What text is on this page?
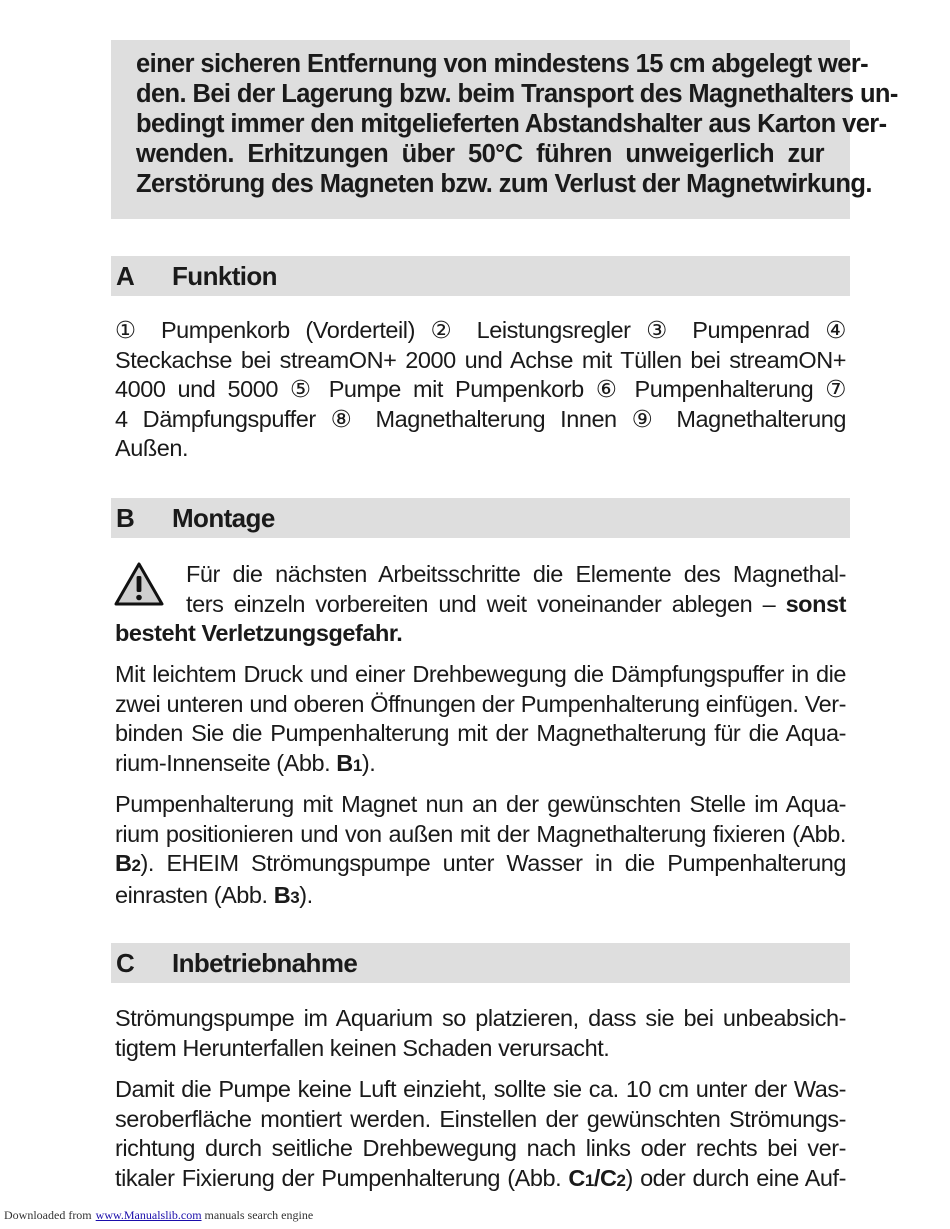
einer sicheren Entfernung von mindestens 15 cm abgelegt wer-
den. Bei der Lagerung bzw. beim Transport des Magnethalters un-
bedingt immer den mitgelieferten Abstandshalter aus Karton ver-
wenden. Erhitzungen über 50°C führen unweigerlich zur
Zerstörung des Magneten bzw. zum Verlust der Magnetwirkung.
A Funktion
① Pumpenkorb (Vorderteil) ② Leistungsregler ③ Pumpenrad ④
Steckachse bei streamON+ 2000 und Achse mit Tüllen bei streamON+
4000 und 5000 ⑤ Pumpe mit Pumpenkorb ⑥ Pumpenhalterung ⑦
4 Dämpfungspuffer ⑧ Magnethalterung Innen ⑨ Magnethalterung
Außen.
B Montage
Für die nächsten Arbeitsschritte die Elemente des Magnethal-
ters einzeln vorbereiten und weit voneinander ablegen – sonst
besteht Verletzungsgefahr.
Mit leichtem Druck und einer Drehbewegung die Dämpfungspuffer in die
zwei unteren und oberen Öffnungen der Pumpenhalterung einfügen. Ver-
binden Sie die Pumpenhalterung mit der Magnethalterung für die Aqua-
rium-Innenseite (Abb. B1).
Pumpenhalterung mit Magnet nun an der gewünschten Stelle im Aqua-
rium positionieren und von außen mit der Magnethalterung fixieren (Abb.
B2). EHEIM Strömungspumpe unter Wasser in die Pumpenhalterung
einrasten (Abb. B3).
C Inbetriebnahme
Strömungspumpe im Aquarium so platzieren, dass sie bei unbeabsich-
tigtem Herunterfallen keinen Schaden verursacht.
Damit die Pumpe keine Luft einzieht, sollte sie ca. 10 cm unter der Was-
seroberfläche montiert werden. Einstellen der gewünschten Strömungs-
richtung durch seitliche Drehbewegung nach links oder rechts bei ver-
tikaler Fixierung der Pumpenhalterung (Abb. C1/C2) oder durch eine Auf-
Downloaded from www.Manualslib.com manuals search engine
